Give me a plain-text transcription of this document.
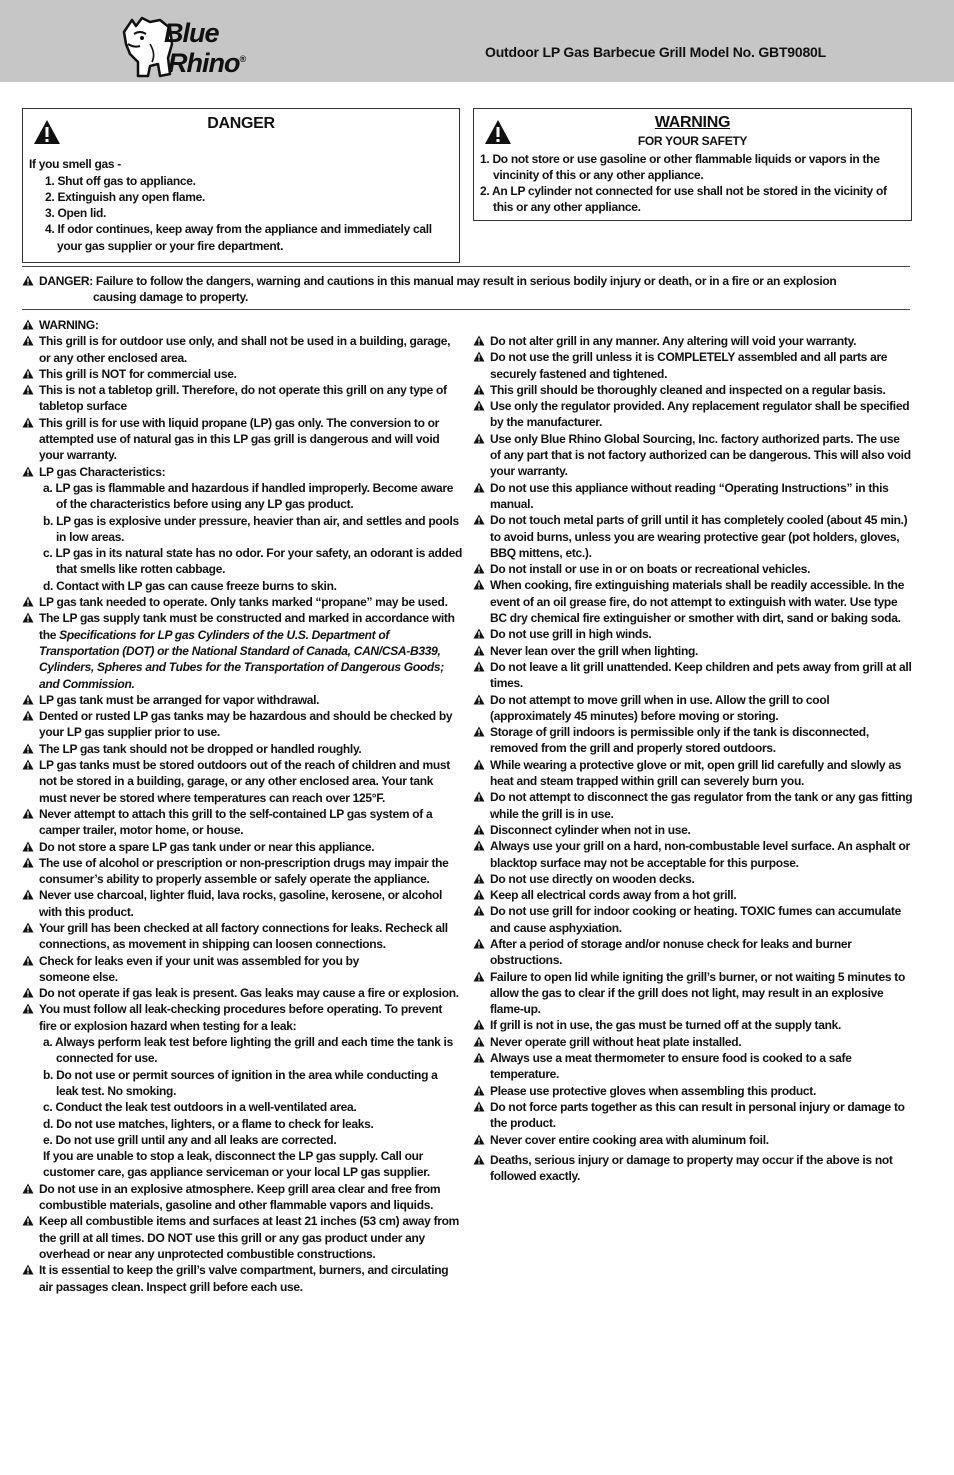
Blue
Rhino®	Outdoor LP Gas Barbecue Grill Model No. GBT9080L
DANGER

If you smell gas -

1. Shut off gas to appliance.

2. Extinguish any open flame.

3. Open lid.

4. If odor continues, keep away from the appliance and immediately call your gas supplier or your fire department.

WARNING
FOR YOUR SAFETY

1. Do not store or use gasoline or other flammable liquids or vapors in the vincinity of this or any other appliance.

2. An LP cylinder not connected for use shall not be stored in the vicinity of this or any other appliance.

DANGER: Failure to follow the dangers, warning and cautions in this manual may result in serious bodily injury or death, or in a fire or an explosion
causing damage to property.

WARNING:

This grill is for outdoor use only, and shall not be used in a building, garage, or any other enclosed area.

This grill is NOT for commercial use.

This is not a tabletop grill. Therefore, do not operate this grill on any type of tabletop surface

This grill is for use with liquid propane (LP) gas only. The conversion to or attempted use of natural gas in this LP gas grill is dangerous and will void your warranty.

LP gas Characteristics:

a. LP gas is flammable and hazardous if handled improperly. Become aware of the characteristics before using any LP gas product.

b. LP gas is explosive under pressure, heavier than air, and settles and pools in low areas.

c. LP gas in its natural state has no odor. For your safety, an odorant is added that smells like rotten cabbage.

d. Contact with LP gas can cause freeze burns to skin.

LP gas tank needed to operate. Only tanks marked “propane” may be used.

The LP gas supply tank must be constructed and marked in accordance with the Specifications for LP gas Cylinders of the U.S. Department of Transportation (DOT) or the National Standard of Canada, CAN/CSA-B339, Cylinders, Spheres and Tubes for the Transportation of Dangerous Goods; and Commission.

LP gas tank must be arranged for vapor withdrawal.

Dented or rusted LP gas tanks may be hazardous and should be checked by your LP gas supplier prior to use.

The LP gas tank should not be dropped or handled roughly.

LP gas tanks must be stored outdoors out of the reach of children and must not be stored in a building, garage, or any other enclosed area. Your tank must never be stored where temperatures can reach over 125°F.

Never attempt to attach this grill to the self-contained LP gas system of a camper trailer, motor home, or house.

Do not store a spare LP gas tank under or near this appliance.

The use of alcohol or prescription or non-prescription drugs may impair the consumer’s ability to properly assemble or safely operate the appliance.

Never use charcoal, lighter fluid, lava rocks, gasoline, kerosene, or alcohol with this product.

Your grill has been checked at all factory connections for leaks. Recheck all connections, as movement in shipping can loosen connections.

Check for leaks even if your unit was assembled for you by
someone else.

Do not operate if gas leak is present. Gas leaks may cause a fire or explosion.

You must follow all leak-checking procedures before operating. To prevent fire or explosion hazard when testing for a leak:

a. Always perform leak test before lighting the grill and each time the tank is connected for use.

b. Do not use or permit sources of ignition in the area while conducting a leak test. No smoking.

c. Conduct the leak test outdoors in a well-ventilated area.

d. Do not use matches, lighters, or a flame to check for leaks.

e. Do not use grill until any and all leaks are corrected.

If you are unable to stop a leak, disconnect the LP gas supply. Call our customer care, gas appliance serviceman or your local LP gas supplier.

Do not use in an explosive atmosphere. Keep grill area clear and free from combustible materials, gasoline and other flammable vapors and liquids.

Keep all combustible items and surfaces at least 21 inches (53 cm) away from the grill at all times. DO NOT use this grill or any gas product under any overhead or near any unprotected combustible constructions.

It is essential to keep the grill’s valve compartment, burners, and circulating air passages clean. Inspect grill before each use.

Do not alter grill in any manner. Any altering will void your warranty.

Do not use the grill unless it is COMPLETELY assembled and all parts are securely fastened and tightened.

This grill should be thoroughly cleaned and inspected on a regular basis.

Use only the regulator provided. Any replacement regulator shall be specified by the manufacturer.

Use only Blue Rhino Global Sourcing, Inc. factory authorized parts. The use of any part that is not factory authorized can be dangerous. This will also void your warranty.

Do not use this appliance without reading “Operating Instructions” in this manual.

Do not touch metal parts of grill until it has completely cooled (about 45 min.) to avoid burns, unless you are wearing protective gear (pot holders, gloves, BBQ mittens, etc.).

Do not install or use in or on boats or recreational vehicles.

When cooking, fire extinguishing materials shall be readily accessible. In the event of an oil grease fire, do not attempt to extinguish with water. Use type BC dry chemical fire extinguisher or smother with dirt, sand or baking soda.

Do not use grill in high winds.

Never lean over the grill when lighting.

Do not leave a lit grill unattended. Keep children and pets away from grill at all times.

Do not attempt to move grill when in use. Allow the grill to cool (approximately 45 minutes) before moving or storing.

Storage of grill indoors is permissible only if the tank is disconnected, removed from the grill and properly stored outdoors.

While wearing a protective glove or mit, open grill lid carefully and slowly as heat and steam trapped within grill can severely burn you.

Do not attempt to disconnect the gas regulator from the tank or any gas fitting while the grill is in use.

Disconnect cylinder when not in use.

Always use your grill on a hard, non-combustable level surface. An asphalt or blacktop surface may not be acceptable for this purpose.

Do not use directly on wooden decks.

Keep all electrical cords away from a hot grill.

Do not use grill for indoor cooking or heating. TOXIC fumes can accumulate and cause asphyxiation.

After a period of storage and/or nonuse check for leaks and burner obstructions.

Failure to open lid while igniting the grill’s burner, or not waiting 5 minutes to allow the gas to clear if the grill does not light, may result in an explosive flame-up.

If grill is not in use, the gas must be turned off at the supply tank.

Never operate grill without heat plate installed.

Always use a meat thermometer to ensure food is cooked to a safe temperature.

Please use protective gloves when assembling this product.

Do not force parts together as this can result in personal injury or damage to the product.

Never cover entire cooking area with aluminum foil.

Deaths, serious injury or damage to property may occur if the above is not followed exactly.
